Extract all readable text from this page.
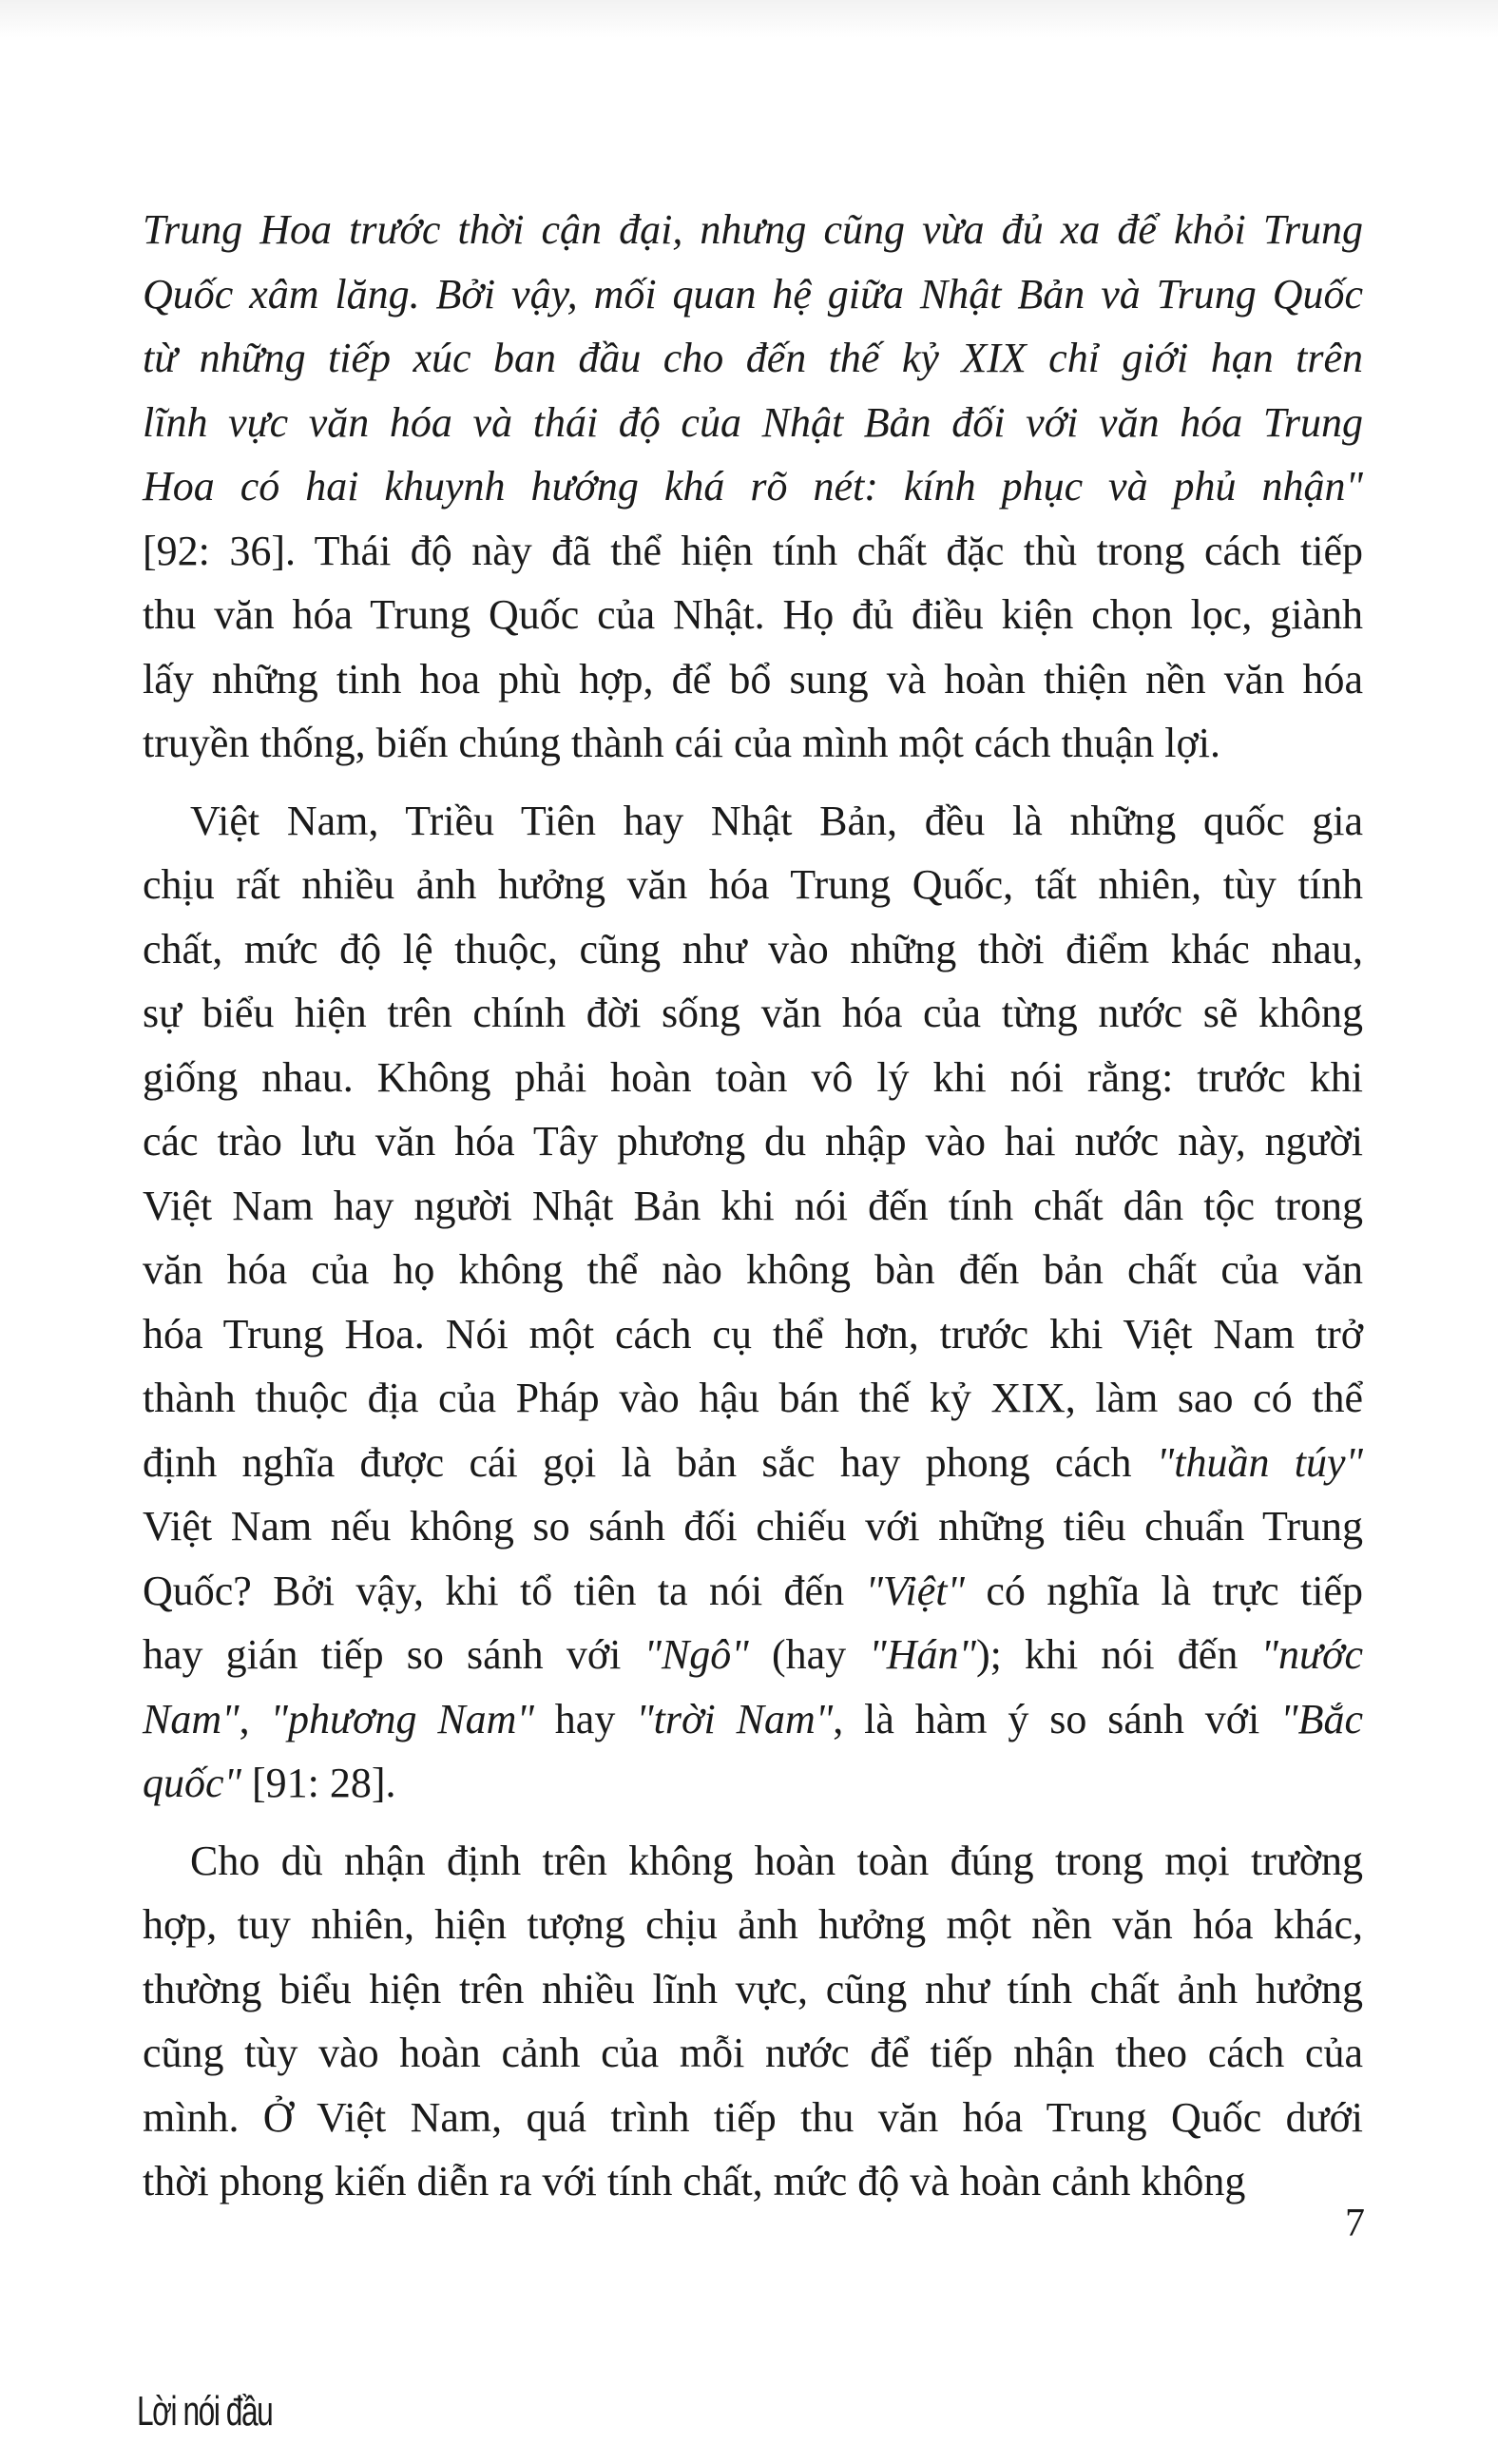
Trung Hoa trước thời cận đại, nhưng cũng vừa đủ xa để khỏi Trung
Quốc xâm lăng. Bởi vậy, mối quan hệ giữa Nhật Bản và Trung Quốc
từ những tiếp xúc ban đầu cho đến thế kỷ XIX chỉ giới hạn trên
lĩnh vực văn hóa và thái độ của Nhật Bản đối với văn hóa Trung
Hoa có hai khuynh hướng khá rõ nét: kính phục và phủ nhận"
[92: 36]. Thái độ này đã thể hiện tính chất đặc thù trong cách tiếp
thu văn hóa Trung Quốc của Nhật. Họ đủ điều kiện chọn lọc, giành
lấy những tinh hoa phù hợp, để bổ sung và hoàn thiện nền văn hóa
truyền thống, biến chúng thành cái của mình một cách thuận lợi.
Việt Nam, Triều Tiên hay Nhật Bản, đều là những quốc gia
chịu rất nhiều ảnh hưởng văn hóa Trung Quốc, tất nhiên, tùy tính
chất, mức độ lệ thuộc, cũng như vào những thời điểm khác nhau,
sự biểu hiện trên chính đời sống văn hóa của từng nước sẽ không
giống nhau. Không phải hoàn toàn vô lý khi nói rằng: trước khi
các trào lưu văn hóa Tây phương du nhập vào hai nước này, người
Việt Nam hay người Nhật Bản khi nói đến tính chất dân tộc trong
văn hóa của họ không thể nào không bàn đến bản chất của văn
hóa Trung Hoa. Nói một cách cụ thể hơn, trước khi Việt Nam trở
thành thuộc địa của Pháp vào hậu bán thế kỷ XIX, làm sao có thể
định nghĩa được cái gọi là bản sắc hay phong cách "thuần túy"
Việt Nam nếu không so sánh đối chiếu với những tiêu chuẩn Trung
Quốc? Bởi vậy, khi tổ tiên ta nói đến "Việt" có nghĩa là trực tiếp
hay gián tiếp so sánh với "Ngô" (hay "Hán"); khi nói đến "nước
Nam", "phương Nam" hay "trời Nam", là hàm ý so sánh với "Bắc
quốc" [91: 28].
Cho dù nhận định trên không hoàn toàn đúng trong mọi trường
hợp, tuy nhiên, hiện tượng chịu ảnh hưởng một nền văn hóa khác,
thường biểu hiện trên nhiều lĩnh vực, cũng như tính chất ảnh hưởng
cũng tùy vào hoàn cảnh của mỗi nước để tiếp nhận theo cách của
mình. Ở Việt Nam, quá trình tiếp thu văn hóa Trung Quốc dưới
thời phong kiến diễn ra với tính chất, mức độ và hoàn cảnh không
7
Lời nói đầu
